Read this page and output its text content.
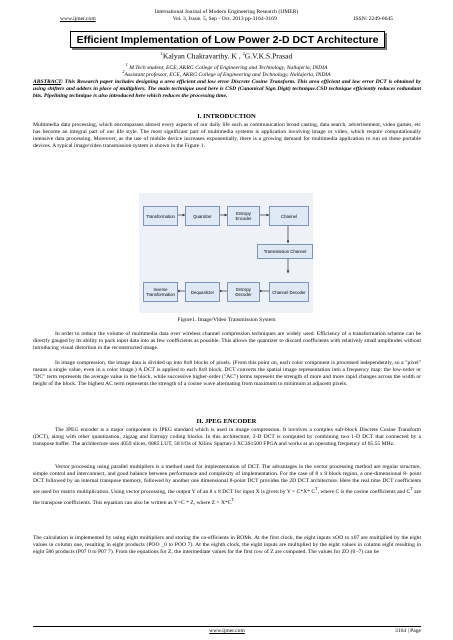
International Journal of Modern Engineering Research (IJMER)
www.ijmer.com	Vol. 3, Issue. 5, Sep - Oct. 2013 pp-3164-3169	ISSN: 2249-6645
Efficient Implementation of Low Power 2-D DCT Architecture
$^1$Kalyan Chakravarthy. K , $^2$G.V.K.S.Prasad
$^1$ M.Tech student, ECE, AKRG College of Engineering and Technology, Nallajerla, INDIA
$^2$Assistant professor, ECE, AKRG College of Engineering and Technology, Nallajerla, INDIA
ABSTRACT: This Research paper includes designing a area efficient and low error Discrete Cosine Transform. This area efficient and low error DCT is obtained by using shifters and adders in place of multipliers. The main technique used here is CSD (Canonical Sign Digit) technique.CSD technique efficiently reduces redundant bits. Pipelining technique is also introduced here which reduces the processing time.
I. INTRODUCTION
Multimedia data processing, which encompasses almost every aspects of our daily life such as communication broad casting, data search, advertisement, video games, etc has become an integral part of our life style. The most significant part of multimedia systems is application involving image or video, which require computationally intensive data processing. Moreover, as the use of mobile device increases exponentially, there is a growing demand for multimedia application to run on these portable devices. A typical image/video transmission system is shown in the Figure 1.
Transformation	Quantizer	Entropy Encoder	Channel
Transmission Channel
Inverse Transformation	Dequantizer	Entropy Decoder	Channel Decoder
Figure1. Image/Video Transmission System
In order to reduce the volume of multimedia data over wireless channel compression techniques are widely used. Efficiency of a transformation scheme can be directly gauged by its ability to pack input data into as few coefficients as possible. This allows the quantizer to discard coefficients with relatively small amplitudes without introducing visual distortion in the reconstructed image.
In image compression, the image data is divided up into 8x8 blocks of pixels. (From this point on, each color component is processed independently, so a "pixel" means a single value, even in a color image.) A DCT is applied to each 8x8 block. DCT converts the spatial image representation into a frequency map: the low-order or "DC" term represents the average value in the block, while successive higher-order ("AC") terms represent the strength of more and more rapid changes across the width or height of the block. The highest AC term represents the strength of a cosine wave alternating from maximum to minimum at adjacent pixels.
II. JPEG ENCODER
The JPEG encoder is a major component in JPEG standard which is used in image compression. It involves a complex sub-block Discrete Cosine Transform (DCT), along with other quantization, zigzag and Entropy coding blocks. In this architecture, 2-D DCT is computed by combining two 1-D DCT that connected by a transpose buffer. The architecture uses 4059 slices, 6885 LUT, 58 I/Os of Xilinx Spartan-3 XC3S1500 FPGA and works at an operating frequency of 65.55 MHz.
Vector processing using parallel multipliers is a method used for implementation of DCT. The advantages in the vector processing method are regular structure, simple control and interconnect, and good balance between performance and complexity of implementation. For the case of 8 x 8 block region, a one-dimensional 8- point DCT followed by an internal transpose memory, followed by another one dimensional 8-point DCT provides the 2D DCT architecture. Here the real time DCT coefficients are used for matrix multiplication. Using vector processing, the output Y of an 8 x 8 DCT for input X is given by Y = C*X* $C^T$, where C is the cosine coefficients and $C^T$ are the transpose coefficients. This equation can also be written as Y=C * Z, where $Z = X*C^T$
The calculation is implemented by using eight multipliers and storing the co-efficients in ROMs. At the first clock, the eight inputs xOO to x07 are multiplied by the eight values in column one, resulting in eight products (POO _0 to POO 7). At the eighth clock, the eight inputs are multiplied by the eight values in column eight resulting in eight 586 products (P07 0 to P07 7). From the equations for Z, the intermediate values for the first row of Z are computed. The values for ZO (0 -7) can be
www.ijmer.com	3164 | Page
